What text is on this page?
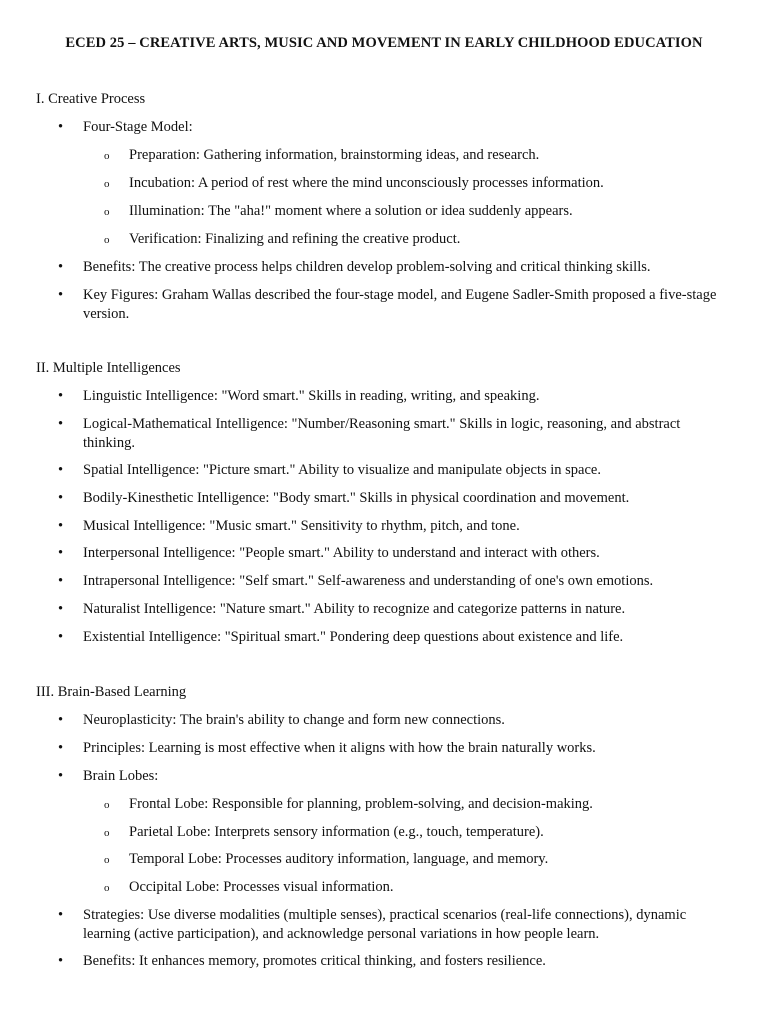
ECED 25 – CREATIVE ARTS, MUSIC AND MOVEMENT IN EARLY CHILDHOOD EDUCATION
I. Creative Process
•	Four-Stage Model:
o	Preparation: Gathering information, brainstorming ideas, and research.
o	Incubation: A period of rest where the mind unconsciously processes information.
o	Illumination: The "aha!" moment where a solution or idea suddenly appears.
o	Verification: Finalizing and refining the creative product.
•	Benefits: The creative process helps children develop problem-solving and critical thinking skills.
•	Key Figures: Graham Wallas described the four-stage model, and Eugene Sadler-Smith proposed a five-stage version.
II. Multiple Intelligences
•	Linguistic Intelligence: "Word smart." Skills in reading, writing, and speaking.
•	Logical-Mathematical Intelligence: "Number/Reasoning smart." Skills in logic, reasoning, and abstract thinking.
•	Spatial Intelligence: "Picture smart." Ability to visualize and manipulate objects in space.
•	Bodily-Kinesthetic Intelligence: "Body smart." Skills in physical coordination and movement.
•	Musical Intelligence: "Music smart." Sensitivity to rhythm, pitch, and tone.
•	Interpersonal Intelligence: "People smart." Ability to understand and interact with others.
•	Intrapersonal Intelligence: "Self smart." Self-awareness and understanding of one's own emotions.
•	Naturalist Intelligence: "Nature smart." Ability to recognize and categorize patterns in nature.
•	Existential Intelligence: "Spiritual smart." Pondering deep questions about existence and life.
III. Brain-Based Learning
•	Neuroplasticity: The brain's ability to change and form new connections.
•	Principles: Learning is most effective when it aligns with how the brain naturally works.
•	Brain Lobes:
o	Frontal Lobe: Responsible for planning, problem-solving, and decision-making.
o	Parietal Lobe: Interprets sensory information (e.g., touch, temperature).
o	Temporal Lobe: Processes auditory information, language, and memory.
o	Occipital Lobe: Processes visual information.
•	Strategies: Use diverse modalities (multiple senses), practical scenarios (real-life connections), dynamic learning (active participation), and acknowledge personal variations in how people learn.
•	Benefits: It enhances memory, promotes critical thinking, and fosters resilience.
